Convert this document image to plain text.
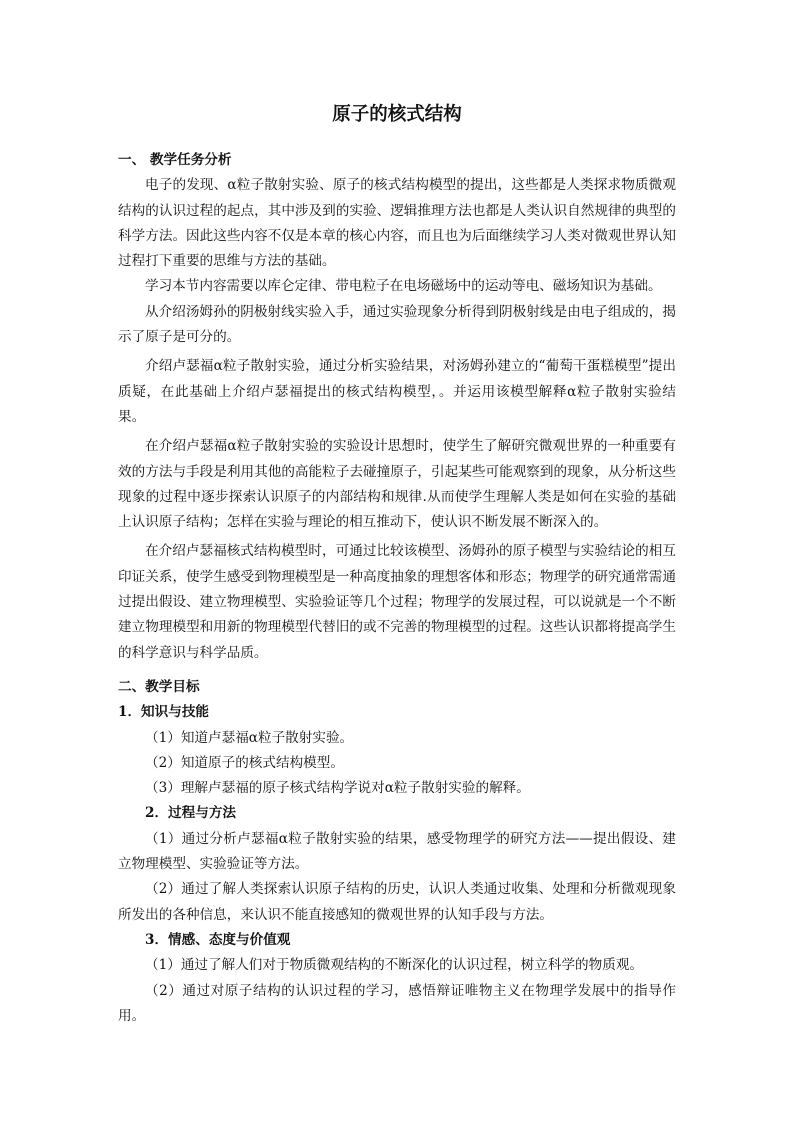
原子的核式结构
一、 教学任务分析

电子的发现、α粒子散射实验、原子的核式结构模型的提出，这些都是人类探求物质微观结构的认识过程的起点，其中涉及到的实验、逻辑推理方法也都是人类认识自然规律的典型的科学方法。因此这些内容不仅是本章的核心内容，而且也为后面继续学习人类对微观世界认知过程打下重要的思维与方法的基础。

学习本节内容需要以库仑定律、带电粒子在电场磁场中的运动等电、磁场知识为基础。

从介绍汤姆孙的阴极射线实验入手，通过实验现象分析得到阴极射线是由电子组成的，揭示了原子是可分的。

介绍卢瑟福α粒子散射实验，通过分析实验结果，对汤姆孙建立的“葡萄干蛋糕模型”提出质疑，在此基础上介绍卢瑟福提出的核式结构模型，。并运用该模型解释α粒子散射实验结果。

在介绍卢瑟福α粒子散射实验的实验设计思想时，使学生了解研究微观世界的一种重要有效的方法与手段是利用其他的高能粒子去碰撞原子，引起某些可能观察到的现象，从分析这些现象的过程中逐步探索认识原子的内部结构和规律.从而使学生理解人类是如何在实验的基础上认识原子结构；怎样在实验与理论的相互推动下，使认识不断发展不断深入的。

在介绍卢瑟福核式结构模型时，可通过比较该模型、汤姆孙的原子模型与实验结论的相互印证关系，使学生感受到物理模型是一种高度抽象的理想客体和形态；物理学的研究通常需通过提出假设、建立物理模型、实验验证等几个过程；物理学的发展过程，可以说就是一个不断建立物理模型和用新的物理模型代替旧的或不完善的物理模型的过程。这些认识都将提高学生的科学意识与科学品质。

二、教学目标
1．知识与技能

（1）知道卢瑟福α粒子散射实验。

（2）知道原子的核式结构模型。

（3）理解卢瑟福的原子核式结构学说对α粒子散射实验的解释。

2．过程与方法

（1）通过分析卢瑟福α粒子散射实验的结果，感受物理学的研究方法——提出假设、建立物理模型、实验验证等方法。

（2）通过了解人类探索认识原子结构的历史，认识人类通过收集、处理和分析微观现象所发出的各种信息，来认识不能直接感知的微观世界的认知手段与方法。

3．情感、态度与价值观

（1）通过了解人们对于物质微观结构的不断深化的认识过程，树立科学的物质观。

（2）通过对原子结构的认识过程的学习，感悟辩证唯物主义在物理学发展中的指导作用。
